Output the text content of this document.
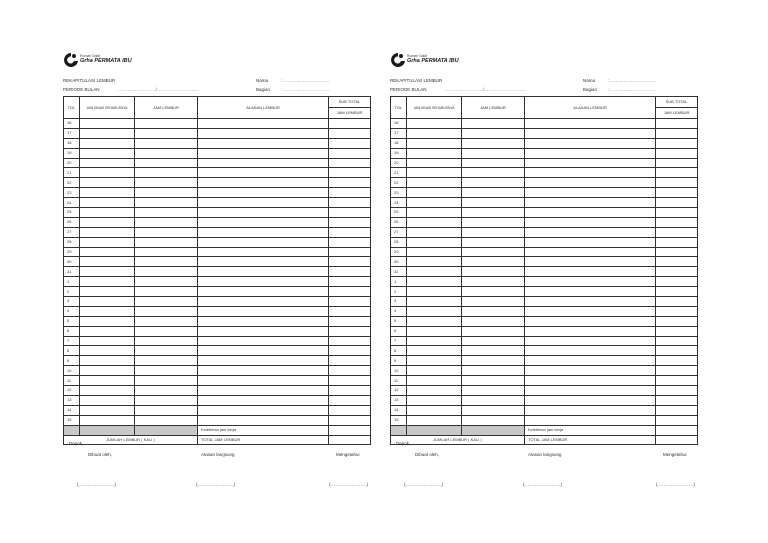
Rumah Sakit
Grha PERMATA IBU
REKAPITULASI LEMBUR
PERIODE BULAN	……………………/………………………
Nama	:…………………………
Bagian :…………………………
TGL	JAM DINAS SEHARUSNYA	JAM LEMBUR	ALASAN LEMBUR	SUB TOTAL
JAM LEMBUR

16				
17				
18				
19				
20				
21				
22				
23				
24				
25				
26				
27				
28				
29				
30				
31				
1				
2				
3				
4				
5				
6				
7				
8				
9				
10				
11				
12				
13				
14				
15				
			Kelebihan jam kerja	
JUMLAH LEMBUR ( KALI )			TOTAL JAM LEMBUR	
Depok, ………………………
Dibuat oleh,	Atasan langsung	Mengetahui
(……………………)	(……………………)	(……………………)
Rumah Sakit
Grha PERMATA IBU
REKAPITULASI LEMBUR
PERIODE BULAN	……………………/………………………
Nama	:…………………………
Bagian :…………………………
TGL	JAM DINAS SEHARUSNYA	JAM LEMBUR	ALASAN LEMBUR	SUB TOTAL
JAM LEMBUR

16				
17				
18				
19				
20				
21				
22				
23				
24				
25				
26				
27				
28				
29				
30				
31				
1				
2				
3				
4				
5				
6				
7				
8				
9				
10				
11				
12				
13				
14				
15				
			Kelebihan jam kerja	
JUMLAH LEMBUR ( KALI )			TOTAL JAM LEMBUR	
Depok, ………………………
Dibuat oleh,	Atasan langsung	Mengetahui
(……………………)	(……………………)	(……………………)
